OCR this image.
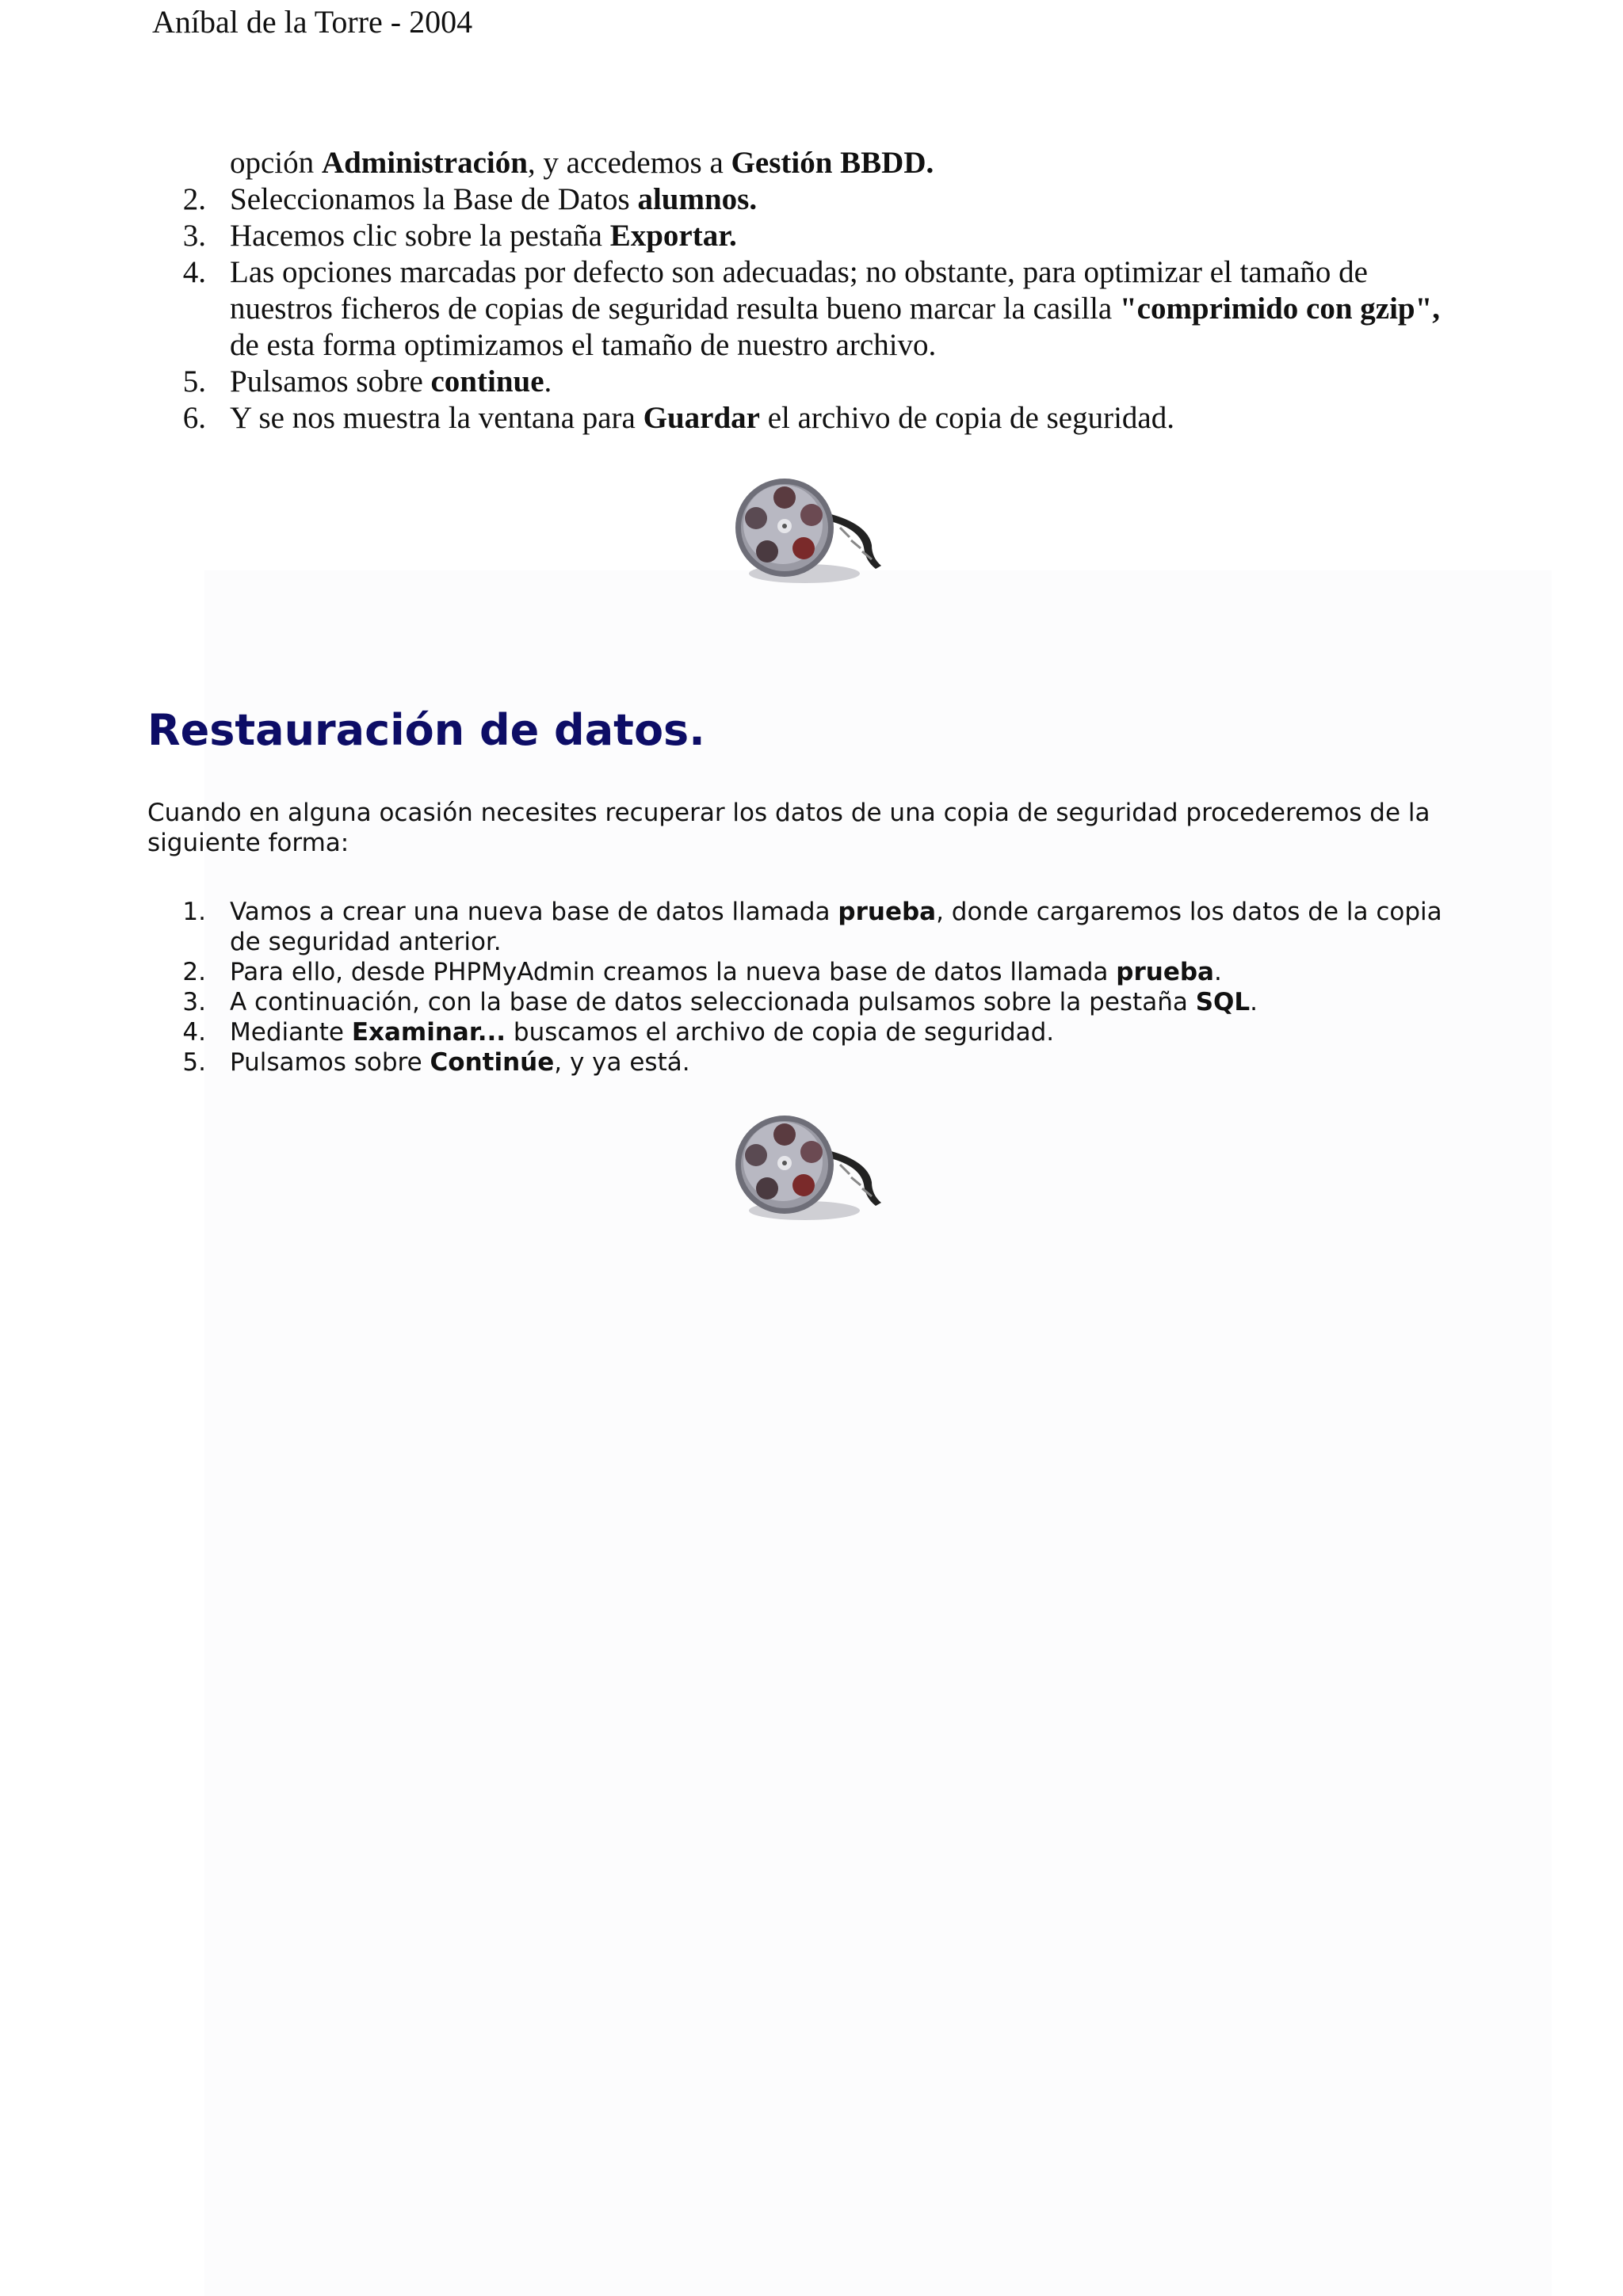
Aníbal de la Torre - 2004
opción Administración, y accedemos a Gestión BBDD.
2. Seleccionamos la Base de Datos alumnos.
3. Hacemos clic sobre la pestaña Exportar.
4. Las opciones marcadas por defecto son adecuadas; no obstante, para optimizar el tamaño de nuestros ficheros de copias de seguridad resulta bueno marcar la casilla "comprimido con gzip", de esta forma optimizamos el tamaño de nuestro archivo.
5. Pulsamos sobre continue.
6. Y se nos muestra la ventana para Guardar el archivo de copia de seguridad.
Restauración de datos.

Cuando en alguna ocasión necesites recuperar los datos de una copia de seguridad procederemos de la siguiente forma:

1. Vamos a crear una nueva base de datos llamada prueba, donde cargaremos los datos de la copia de seguridad anterior.
2. Para ello, desde PHPMyAdmin creamos la nueva base de datos llamada prueba.
3. A continuación, con la base de datos seleccionada pulsamos sobre la pestaña SQL.
4. Mediante Examinar... buscamos el archivo de copia de seguridad.
5. Pulsamos sobre Continúe, y ya está.
